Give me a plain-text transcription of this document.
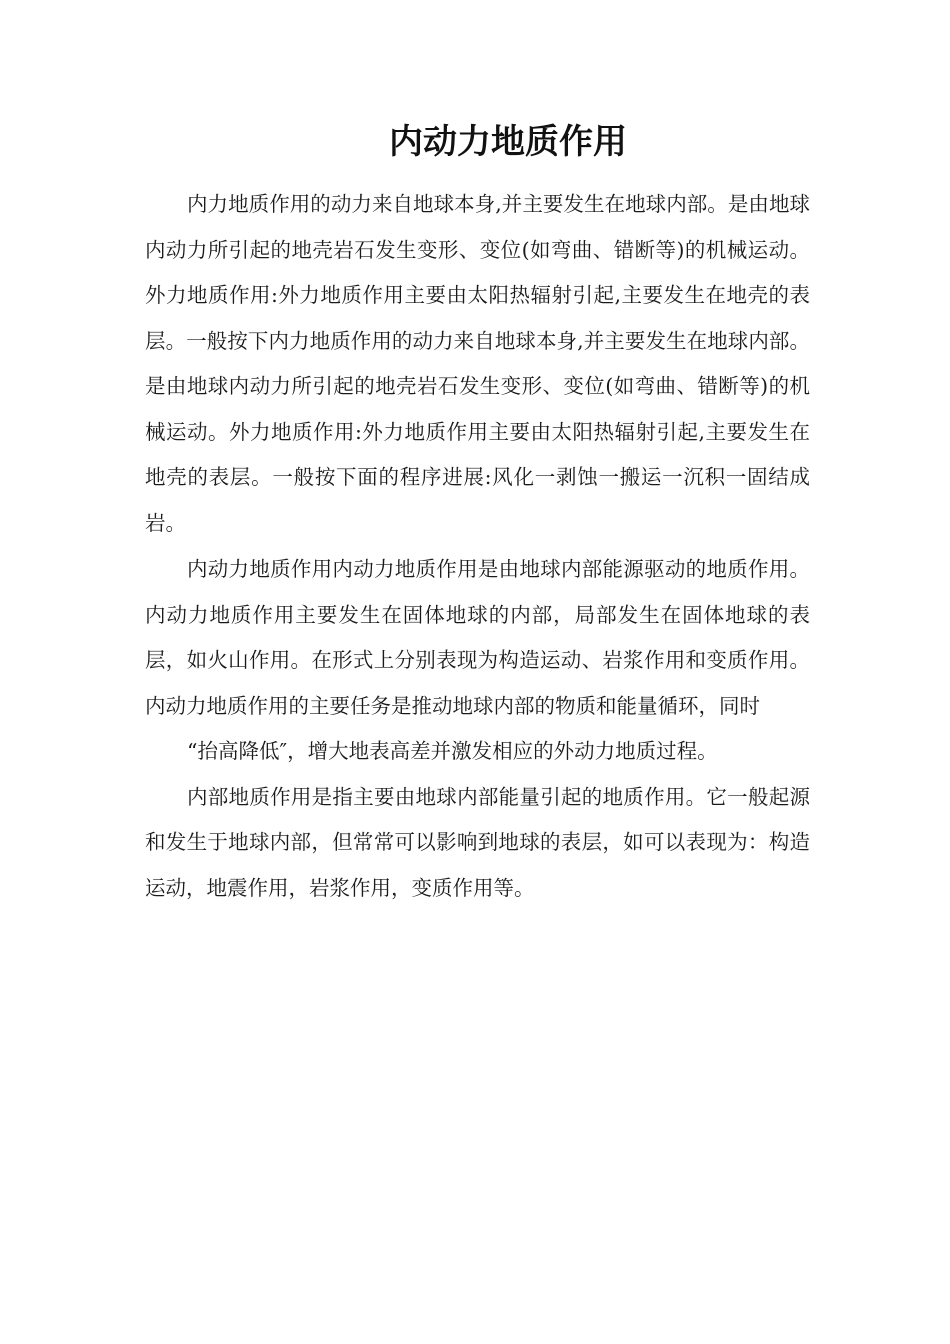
内动力地质作用

内力地质作用的动力来自地球本身,并主要发生在地球内部。是由地球内动力所引起的地壳岩石发生变形、变位(如弯曲、错断等)的机械运动。外力地质作用:外力地质作用主要由太阳热辐射引起,主要发生在地壳的表层。一般按下内力地质作用的动力来自地球本身,并主要发生在地球内部。是由地球内动力所引起的地壳岩石发生变形、变位(如弯曲、错断等)的机械运动。外力地质作用:外力地质作用主要由太阳热辐射引起,主要发生在地壳的表层。一般按下面的程序进展:风化一剥蚀一搬运一沉积一固结成岩。

内动力地质作用内动力地质作用是由地球内部能源驱动的地质作用。内动力地质作用主要发生在固体地球的内部，局部发生在固体地球的表层，如火山作用。在形式上分别表现为构造运动、岩浆作用和变质作用。内动力地质作用的主要任务是推动地球内部的物质和能量循环，同时

“抬高降低″，增大地表高差并激发相应的外动力地质过程。

内部地质作用是指主要由地球内部能量引起的地质作用。它一般起源和发生于地球内部，但常常可以影响到地球的表层，如可以表现为：构造运动，地震作用，岩浆作用，变质作用等。
